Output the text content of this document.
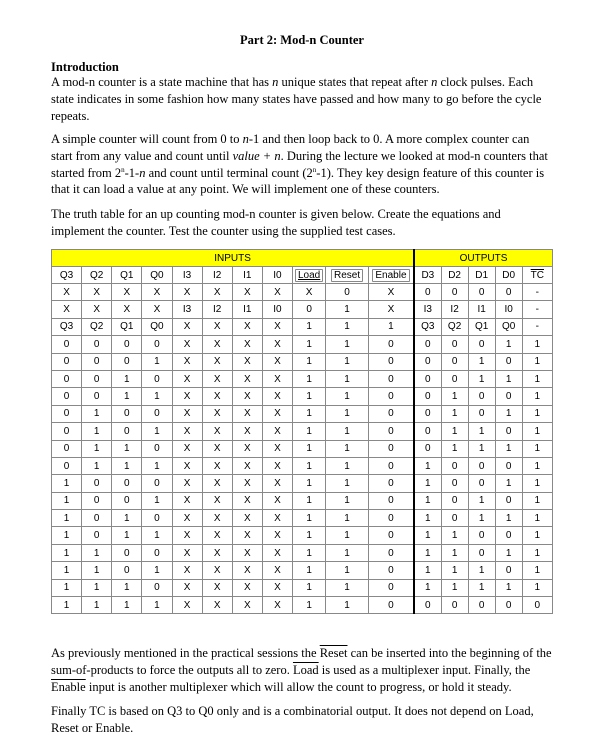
Part 2: Mod-n Counter
Introduction
A mod-n counter is a state machine that has n unique states that repeat after n clock pulses. Each state indicates in some fashion how many states have passed and how many to go before the cycle repeats.
A simple counter will count from 0 to n-1 and then loop back to 0. A more complex counter can start from any value and count until value + n. During the lecture we looked at mod-n counters that started from 2$^n$-1-n and count until terminal count (2$^n$-1). They key design feature of this counter is that it can load a value at any point. We will implement one of these counters.
The truth table for an up counting mod-n counter is given below. Create the equations and implement the counter. Test the counter using the supplied test cases.
INPUTS											OUTPUTS				
Q3	Q2	Q1	Q0	I3	I2	I1	I0	Load	Reset	Enable	D3	D2	D1	D0	$\overline{TC}$
X	X	X	X	X	X	X	X	X	0	X	0	0	0	0	-
X	X	X	X	I3	I2	I1	I0	0	1	X	I3	I2	I1	I0	-
Q3	Q2	Q1	Q0	X	X	X	X	1	1	1	Q3	Q2	Q1	Q0	-
0	0	0	0	X	X	X	X	1	1	0	0	0	0	1	1
0	0	0	1	X	X	X	X	1	1	0	0	0	1	0	1
0	0	1	0	X	X	X	X	1	1	0	0	0	1	1	1
0	0	1	1	X	X	X	X	1	1	0	0	1	0	0	1
0	1	0	0	X	X	X	X	1	1	0	0	1	0	1	1
0	1	0	1	X	X	X	X	1	1	0	0	1	1	0	1
0	1	1	0	X	X	X	X	1	1	0	0	1	1	1	1
0	1	1	1	X	X	X	X	1	1	0	1	0	0	0	1
1	0	0	0	X	X	X	X	1	1	0	1	0	0	1	1
1	0	0	1	X	X	X	X	1	1	0	1	0	1	0	1
1	0	1	0	X	X	X	X	1	1	0	1	0	1	1	1
1	0	1	1	X	X	X	X	1	1	0	1	1	0	0	1
1	1	0	0	X	X	X	X	1	1	0	1	1	0	1	1
1	1	0	1	X	X	X	X	1	1	0	1	1	1	0	1
1	1	1	0	X	X	X	X	1	1	0	1	1	1	1	1
1	1	1	1	X	X	X	X	1	1	0	0	0	0	0	0
As previously mentioned in the practical sessions the Reset can be inserted into the beginning of the sum-of-products to force the outputs all to zero. Load is used as a multiplexer input. Finally, the Enable input is another multiplexer which will allow the count to progress, or hold it steady.
Finally TC is based on Q3 to Q0 only and is a combinatorial output. It does not depend on Load, Reset or Enable.
